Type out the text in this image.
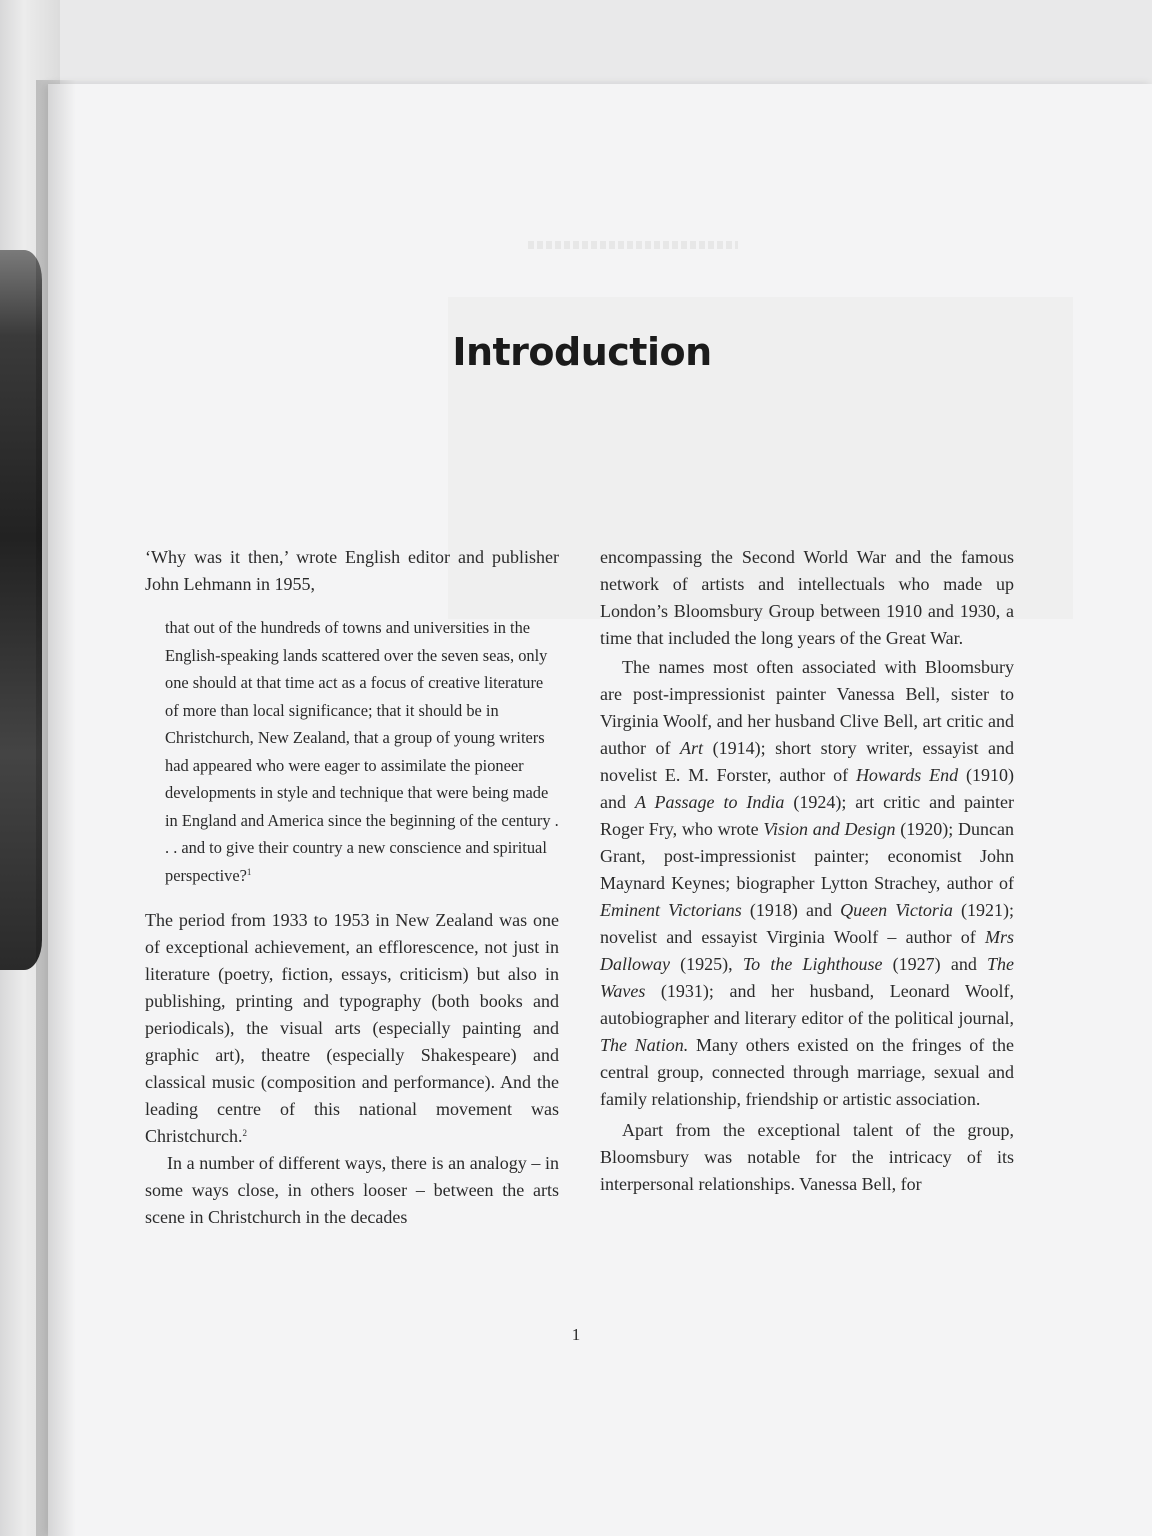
Introduction

‘Why was it then,’ wrote English editor and publisher John Lehmann in 1955,

that out of the hundreds of towns and universities in the English-speaking lands scattered over the seven seas, only one should at that time act as a focus of creative literature of more than local significance; that it should be in Christchurch, New Zealand, that a group of young writers had appeared who were eager to assimilate the pioneer developments in style and technique that were being made in England and America since the beginning of the century . . . and to give their country a new conscience and spiritual perspective?$^1$

The period from 1933 to 1953 in New Zealand was one of exceptional achievement, an efflorescence, not just in literature (poetry, fiction, essays, criticism) but also in publishing, printing and typography (both books and periodicals), the visual arts (especially painting and graphic art), theatre (especially Shakespeare) and classical music (composition and performance). And the leading centre of this national movement was Christchurch.$^2$

In a number of different ways, there is an analogy – in some ways close, in others looser – between the arts scene in Christchurch in the decades

encompassing the Second World War and the famous network of artists and intellectuals who made up London’s Bloomsbury Group between 1910 and 1930, a time that included the long years of the Great War.

The names most often associated with Bloomsbury are post-impressionist painter Vanessa Bell, sister to Virginia Woolf, and her husband Clive Bell, art critic and author of Art (1914); short story writer, essayist and novelist E. M. Forster, author of Howards End (1910) and A Passage to India (1924); art critic and painter Roger Fry, who wrote Vision and Design (1920); Duncan Grant, post-impressionist painter; economist John Maynard Keynes; biographer Lytton Strachey, author of Eminent Victorians (1918) and Queen Victoria (1921); novelist and essayist Virginia Woolf – author of Mrs Dalloway (1925), To the Lighthouse (1927) and The Waves (1931); and her husband, Leonard Woolf, autobiographer and literary editor of the political journal, The Nation. Many others existed on the fringes of the central group, connected through marriage, sexual and family relationship, friendship or artistic association.

Apart from the exceptional talent of the group, Bloomsbury was notable for the intricacy of its interpersonal relationships. Vanessa Bell, for

1
